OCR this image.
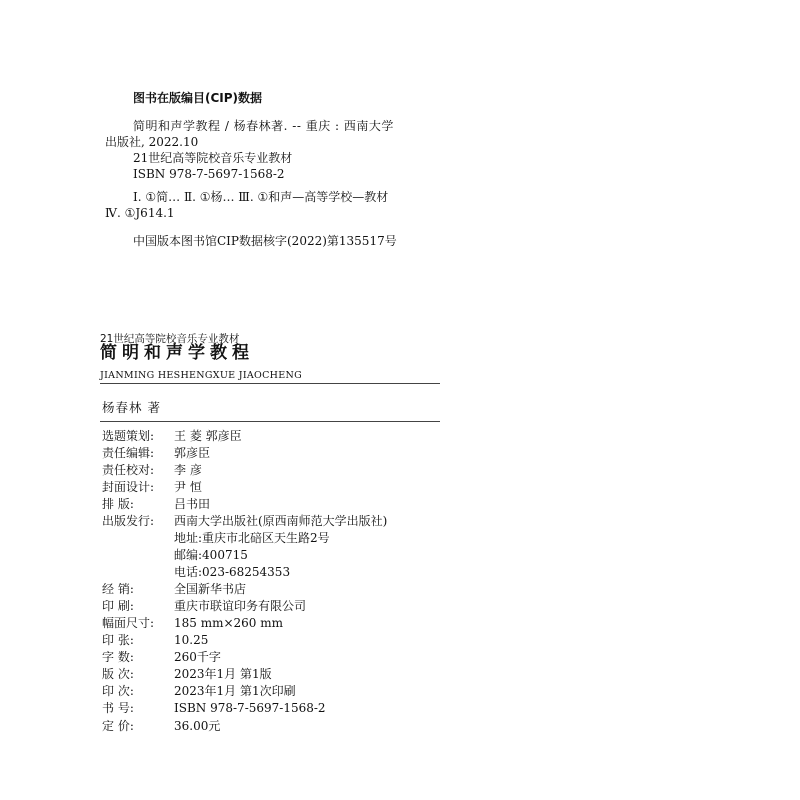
图书在版编目(CIP)数据
简明和声学教程 / 杨春林著. -- 重庆 : 西南大学
出版社, 2022.10
21世纪高等院校音乐专业教材
ISBN 978-7-5697-1568-2
Ⅰ. ①简… Ⅱ. ①杨… Ⅲ. ①和声—高等学校—教材
Ⅳ. ①J614.1
中国版本图书馆CIP数据核字(2022)第135517号
21世纪高等院校音乐专业教材
简明和声学教程
JIANMING HESHENGXUE JIAOCHENG
杨春林 著
选题策划: 王 菱 郭彦臣
责任编辑: 郭彦臣
责任校对: 李 彦
封面设计: 尹 恒
排 版:	吕书田
出版发行: 西南大学出版社(原西南师范大学出版社)
地址:重庆市北碚区天生路2号
邮编:400715
电话:023-68254353
经 销:	全国新华书店
印 刷:	重庆市联谊印务有限公司
幅面尺寸: 185 mm×260 mm
印 张:	10.25
字 数:	260千字
版 次:	2023年1月 第1版
印 次:	2023年1月 第1次印刷
书 号:	ISBN 978-7-5697-1568-2
定 价:	36.00元
